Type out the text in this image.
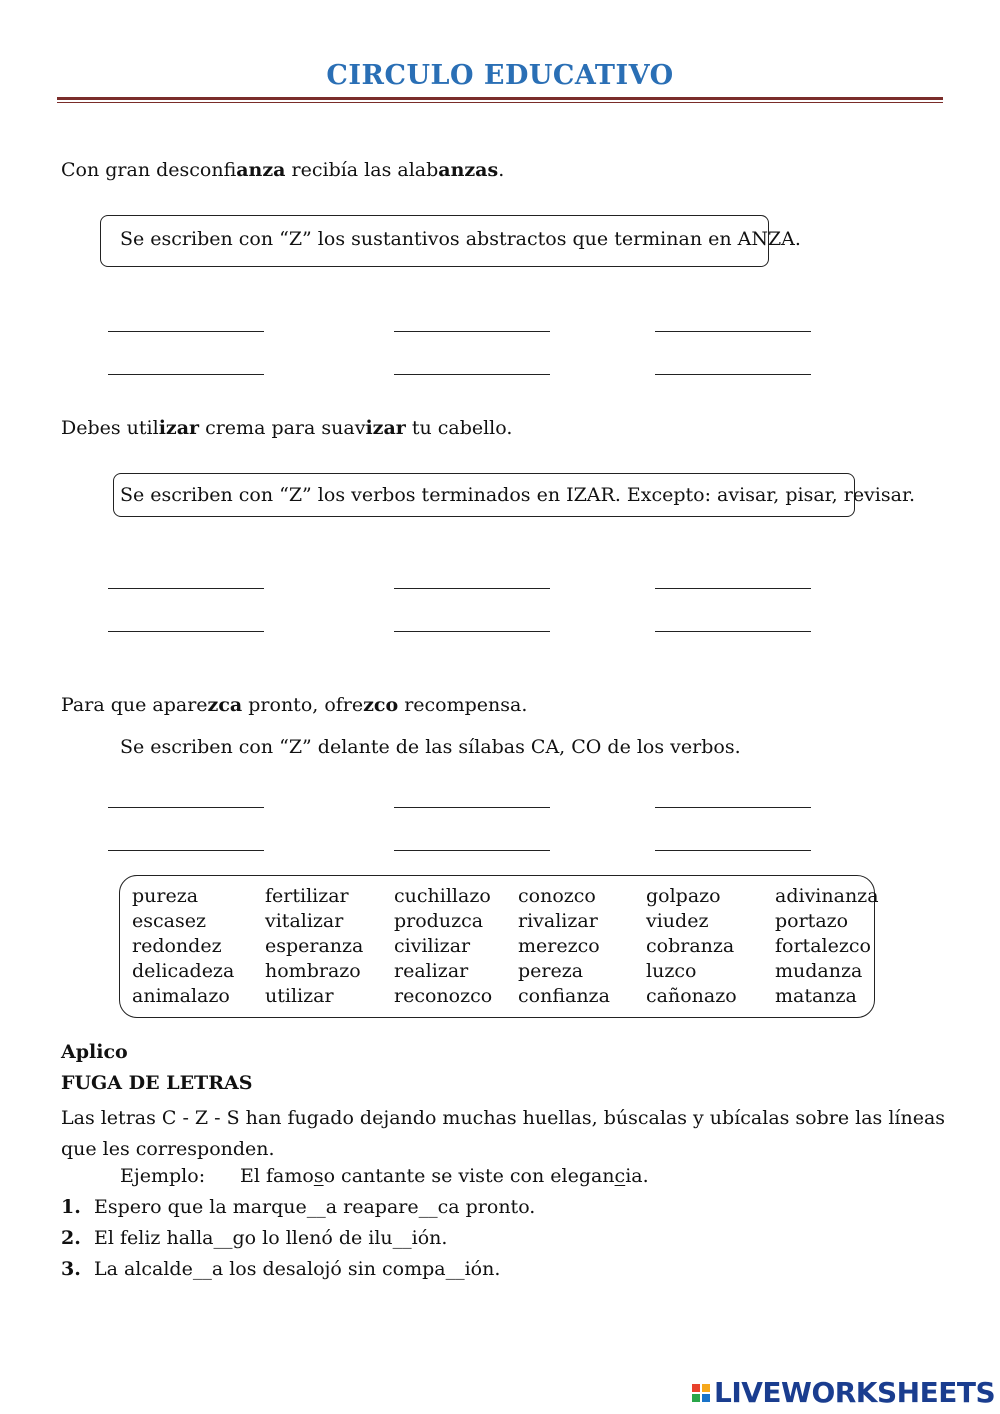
CIRCULO EDUCATIVO
Con gran desconfianza recibía las alabanzas.
Se escriben con “Z” los sustantivos abstractos que terminan en ANZA.
Debes utilizar crema para suavizar tu cabello.
Se escriben con “Z” los verbos terminados en IZAR. Excepto: avisar, pisar, revisar.
Para que aparezca pronto, ofrezco recompensa.
Se escriben con “Z” delante de las sílabas CA, CO de los verbos.
pureza
escasez
redondez
delicadeza
animalazo
fertilizar
vitalizar
esperanza
hombrazo
utilizar
cuchillazo
produzca
civilizar
realizar
reconozco
conozco
rivalizar
merezco
pereza
confianza
golpazo
viudez
cobranza
luzco
cañonazo
adivinanza
portazo
fortalezco
mudanza
matanza
Aplico
FUGA DE LETRAS
Las letras C - Z - S han fugado dejando muchas huellas, búscalas y ubícalas sobre las líneas que les corresponden.
Ejemplo: El famoso cantante se viste con elegancia.
1. Espero que la marque__a reapare__ca pronto.
2. El feliz halla__go lo llenó de ilu__ión.
3. La alcalde__a los desalojó sin compa__ión.
LIVEWORKSHEETS
